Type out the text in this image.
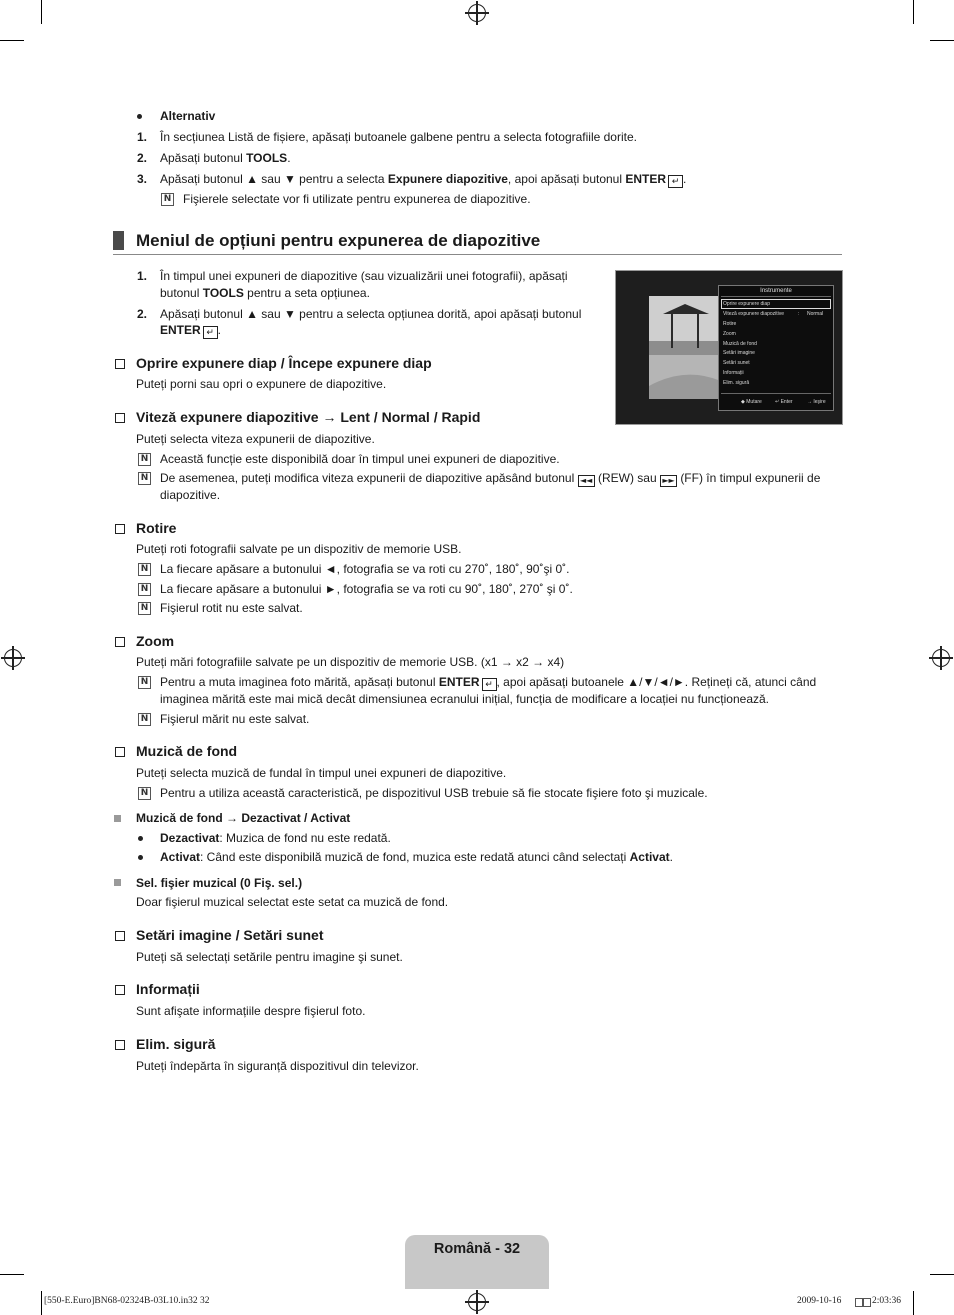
Alternativ
1. În secțiunea Listă de fișiere, apăsați butoanele galbene pentru a selecta fotografiile dorite.
2. Apăsați butonul TOOLS.
3. Apăsați butonul ▲ sau ▼ pentru a selecta Expunere diapozitive, apoi apăsați butonul ENTER ↵ .
N Fişierele selectate vor fi utilizate pentru expunerea de diapozitive.
Meniul de opțiuni pentru expunerea de diapozitive
1. În timpul unei expuneri de diapozitive (sau vizualizării unei fotografii), apăsați
butonul TOOLS pentru a seta opțiunea.
2. Apăsați butonul ▲ sau ▼ pentru a selecta opțiunea dorită, apoi apăsați butonul
ENTER ↵ .
Instrumente
Oprire expunere diap
Viteză expunere diapozitive	: Normal
Rotire
Zoom
Muzică de fond
Setări imagine
Setări sunet
Informații
Elim. sigură
◆ Mutare	↵ Enter	→ Ieşire
Oprire expunere diap / Începe expunere diap
Puteți porni sau opri o expunere de diapozitive.
Viteză expunere diapozitive → Lent / Normal / Rapid
Puteți selecta viteza expunerii de diapozitive.
N Această funcție este disponibilă doar în timpul unei expuneri de diapozitive.
N De asemenea, puteți modifica viteza expunerii de diapozitive apăsând butonul ◄◄ (REW) sau ►► (FF) în timpul expunerii de
diapozitive.
Rotire
Puteți roti fotografii salvate pe un dispozitiv de memorie USB.
N La fiecare apăsare a butonului ◄, fotografia se va roti cu 270˚, 180˚, 90˚şi 0˚.
N La fiecare apăsare a butonului ►, fotografia se va roti cu 90˚, 180˚, 270˚ şi 0˚.
N Fişierul rotit nu este salvat.
Zoom
Puteți mări fotografiile salvate pe un dispozitiv de memorie USB. (x1 → x2 → x4)
N Pentru a muta imaginea foto mărită, apăsați butonul ENTER ↵ , apoi apăsați butoanele ▲/▼/◄/►. Rețineți că, atunci când
imaginea mărită este mai mică decât dimensiunea ecranului inițial, funcția de modificare a locației nu funcționează.
N Fişierul mărit nu este salvat.
Muzică de fond
Puteți selecta muzică de fundal în timpul unei expuneri de diapozitive.
N Pentru a utiliza această caracteristică, pe dispozitivul USB trebuie să fie stocate fişiere foto şi muzicale.
Muzică de fond → Dezactivat / Activat
Dezactivat: Muzica de fond nu este redată.
Activat: Când este disponibilă muzică de fond, muzica este redată atunci când selectați Activat.
Sel. fişier muzical (0 Fiş. sel.)
Doar fişierul muzical selectat este setat ca muzică de fond.
Setări imagine / Setări sunet
Puteți să selectați setările pentru imagine şi sunet.
Informații
Sunt afişate informațiile despre fişierul foto.
Elim. sigură
Puteți îndepărta în siguranță dispozitivul din televizor.
Română - 32
[550-E.Euro]BN68-02324B-03L10.in32 32	2009-10-16	2:03:36
